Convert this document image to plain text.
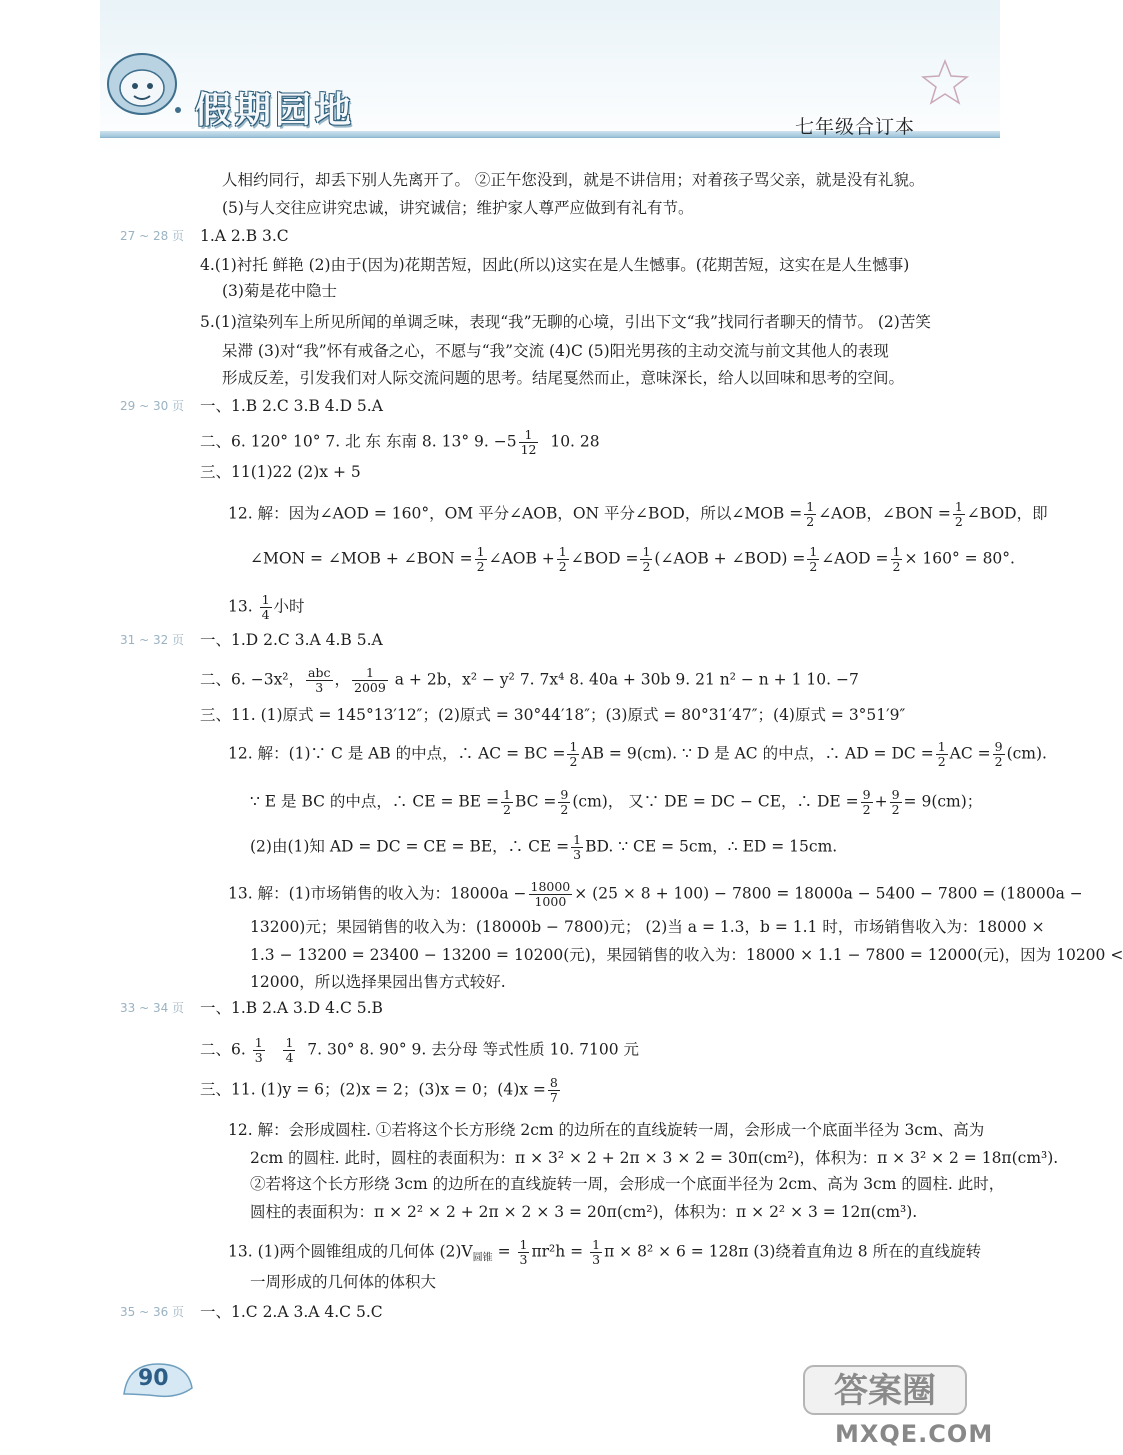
假期园地	七年级合订本
人相约同行，却丢下别人先离开了。 ②正午您没到，就是不讲信用；对着孩子骂父亲，就是没有礼貌。
(5)与人交往应讲究忠诚，讲究诚信；维护家人尊严应做到有礼有节。
27 ~ 28 页 1.A 2.B 3.C
4.(1)衬托 鲜艳 (2)由于(因为)花期苦短，因此(所以)这实在是人生憾事。(花期苦短，这实在是人生憾事)
(3)菊是花中隐士
5.(1)渲染列车上所见所闻的单调乏味，表现“我”无聊的心境，引出下文“我”找同行者聊天的情节。 (2)苦笑
呆滞 (3)对“我”怀有戒备之心，不愿与“我”交流 (4)C (5)阳光男孩的主动交流与前文其他人的表现
形成反差，引发我们对人际交流问题的思考。结尾戛然而止，意味深长，给人以回味和思考的空间。
29 ~ 30 页 一、1.B 2.C 3.B 4.D 5.A
二、6. 120° 10° 7. 北 东 东南 8. 13° 9. $-5 \frac{1}{12} 10$. 28
三、11(1)22 (2)x + 5
12. 解：因为∠AOD = 160°，OM 平分∠AOB，ON 平分∠BOD，所以∠MOB = $\frac{1}{2}$ ∠AOB，∠BON = $\frac{1}{2}$ ∠BOD，即
∠MON = ∠MOB + ∠BON = $\frac{1}{2}$ ∠AOB + $\frac{1}{2}$ ∠BOD = $\frac{1}{2}$ (∠AOB + ∠BOD) = $\frac{1}{2}$ ∠AOD = $\frac{1}{2} \times 160^\circ = 80^\circ$.
13. $\frac{1}{4}$ 小时
31 ~ 32 页 一、1.D 2.C 3.A 4.B 5.A
二、6. −3x²， $\frac{\text{abc}}{3}$ ， $\frac{1}{2009}$ a + 2b，x² − y² 7. 7x⁴ 8. 40a + 30b 9. 21 n² − n + 1 10. −7
三、11. (1)原式 = 145°13′12″；(2)原式 = 30°44′18″；(3)原式 = 80°31′47″；(4)原式 = 3°51′9″
12. 解：(1)∵ C 是 AB 的中点，∴ AC = BC = $\frac{1}{2}$ AB = 9(cm). ∵ D 是 AC 的中点，∴ AD = DC = $\frac{1}{2}$ AC = $\frac{9}{2} (cm)$.
∵ E 是 BC 的中点，∴ CE = BE = $\frac{1}{2}$ BC = $\frac{9}{2} (cm)$， 又∵ DE = DC − CE，∴ DE = $\frac{9}{2} + \frac{9}{2} = 9(cm)$；
(2)由(1)知 AD = DC = CE = BE，∴ CE = $\frac{1}{3}$ BD. ∵ CE = 5cm，∴ ED = 15cm.
13. 解：(1)市场销售的收入为：$18000a - \frac{18000}{1000} \times (25 \times 8 + 100) - 7800 = 18000a - 5400 - 7800 = (18000a$ −
13200)元；果园销售的收入为：(18000b − 7800)元； (2)当 a = 1.3，b = 1.1 时，市场销售收入为：18000 ×
1.3 − 13200 = 23400 − 13200 = 10200(元)，果园销售的收入为：18000 × 1.1 − 7800 = 12000(元)，因为 10200 <
12000，所以选择果园出售方式较好.
33 ~ 34 页 一、1.B 2.A 3.D 4.C 5.B
二、6. $\frac{1}{3}$
$\frac{1}{4} 7$. 30° 8. 90° 9. 去分母 等式性质 10. 7100 元
三、11. (1)y = 6；(2)x = 2；(3)x = 0；$(4)x = \frac{8}{7}$
12. 解：会形成圆柱. ①若将这个长方形绕 2cm 的边所在的直线旋转一周，会形成一个底面半径为 3cm、高为
2cm 的圆柱. 此时，圆柱的表面积为：π × 3² × 2 + 2π × 3 × 2 = 30π(cm²)，体积为：π × 3² × 2 = 18π(cm³).
②若将这个长方形绕 3cm 的边所在的直线旋转一周，会形成一个底面半径为 2cm、高为 3cm 的圆柱. 此时，
圆柱的表面积为：π × 2² × 2 + 2π × 2 × 3 = 20π(cm²)，体积为：π × 2² × 3 = 12π(cm³).
13. (1)两个圆锥组成的几何体 $(2)V_{圆锥} = \frac{1}{3} \pi r^2h = \frac{1}{3}$ π × 8² × 6 = 128π (3)绕着直角边 8 所在的直线旋转
一周形成的几何体的体积大
35 ~ 36 页 一、1.C 2.A 3.A 4.C 5.C
90	答案圈
MXQE.COM
